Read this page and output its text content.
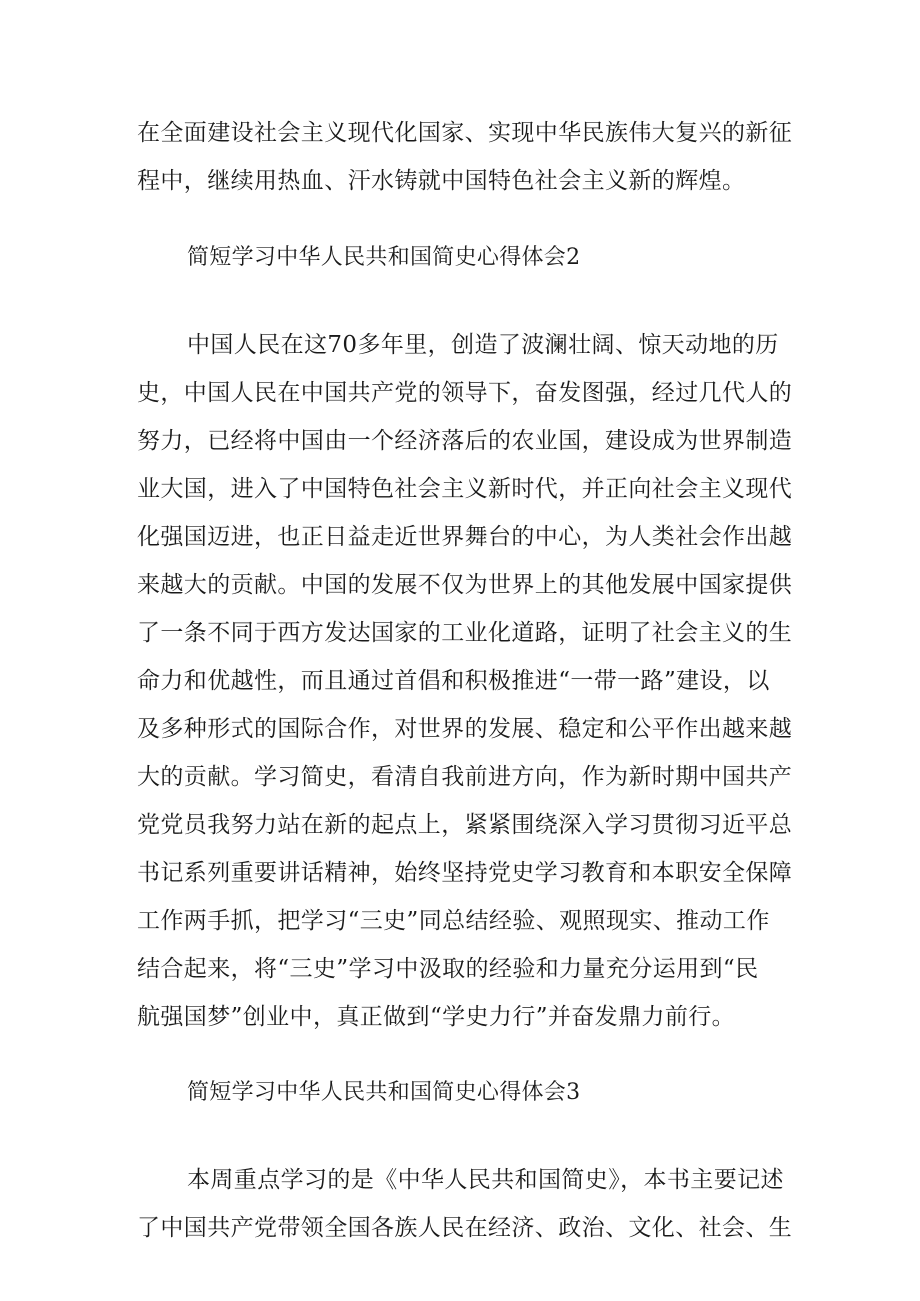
在全面建设社会主义现代化国家、实现中华民族伟大复兴的新征
程中，继续用热血、汗水铸就中国特色社会主义新的辉煌。
简短学习中华人民共和国简史心得体会2
中国人民在这70多年里，创造了波澜壮阔、惊天动地的历
史，中国人民在中国共产党的领导下，奋发图强，经过几代人的
努力，已经将中国由一个经济落后的农业国，建设成为世界制造
业大国，进入了中国特色社会主义新时代，并正向社会主义现代
化强国迈进，也正日益走近世界舞台的中心，为人类社会作出越
来越大的贡献。中国的发展不仅为世界上的其他发展中国家提供
了一条不同于西方发达国家的工业化道路，证明了社会主义的生
命力和优越性，而且通过首倡和积极推进“一带一路”建设，以
及多种形式的国际合作，对世界的发展、稳定和公平作出越来越
大的贡献。学习简史，看清自我前进方向，作为新时期中国共产
党党员我努力站在新的起点上，紧紧围绕深入学习贯彻习近平总
书记系列重要讲话精神，始终坚持党史学习教育和本职安全保障
工作两手抓，把学习“三史”同总结经验、观照现实、推动工作
结合起来，将“三史”学习中汲取的经验和力量充分运用到“民
航强国梦”创业中，真正做到“学史力行”并奋发鼎力前行。
简短学习中华人民共和国简史心得体会3
本周重点学习的是《中华人民共和国简史》，本书主要记述
了中国共产党带领全国各族人民在经济、政治、文化、社会、生
